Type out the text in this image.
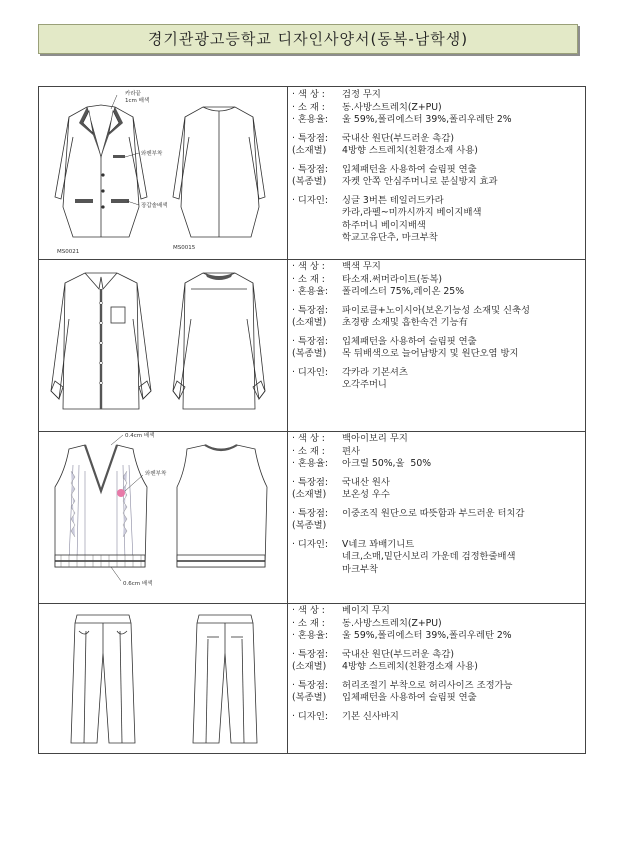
경기관광고등학교 디자인사양서(동복-남학생)
카라끝
1cm 배색
와펜부착
장갑솔배색
MS0021
MS0015
· 색 상 :	검정 무지
· 소 재 :	동.사방스트레치(Z+PU)
· 혼용율:	울 59%,폴리에스터 39%,폴리우레탄 2%
· 특장점:	국내산 원단(부드러운 촉감)
(소재별)	4방향 스트레치(친환경소재 사용)
· 특장점:	입체패턴을 사용하여 슬림핏 연출
(복종별)	자켓 안쪽 안심주머니로 분실방지 효과
· 디자인:	싱글 3버튼 테일러드카라
카라,라펠~미까시까지 베이지배색
하주머니 베이지배색
학교고유단추, 마크부착
· 색 상 :	백색 무지
· 소 재 :	타소재.써머라이트(동복)
· 혼용율:	폴리에스터 75%,레이온 25%
· 특장점:	파이로클+노이시아(보온기능성 소재및 신축성
(소재별)	초경량 소재및 흡한속건 기능有
· 특장점:	입체패턴을 사용하여 슬림핏 연출
(복종별)	목 뒤배색으로 늘어남방지 및 원단오염 방지
· 디자인:	각카라 기본셔츠
오각주머니
0.4cm 배색
와펜부착
0.6cm 배색
· 색 상 :	백아이보리 무지
· 소 재 :	편사
· 혼용율:	아크릴 50%,울  50%
· 특장점:	국내산 원사
(소재별)	보온성 우수
· 특장점:	이중조직 원단으로 따뜻함과 부드러운 터치감
(복종별)
· 디자인:	V네크 꽈배기니트
네크,소매,밑단시보리 가운데 검정한줄배색
마크부착
· 색 상 :	베이지 무지
· 소 재 :	동.사방스트레치(Z+PU)
· 혼용율:	울 59%,폴리에스터 39%,폴리우레탄 2%
· 특장점:	국내산 원단(부드러운 촉감)
(소재별)	4방향 스트레치(친환경소재 사용)
· 특장점:	허리조절기 부착으로 허리사이즈 조정가능
(복종별)	입체패턴을 사용하여 슬림핏 연출
· 디자인:	기본 신사바지
